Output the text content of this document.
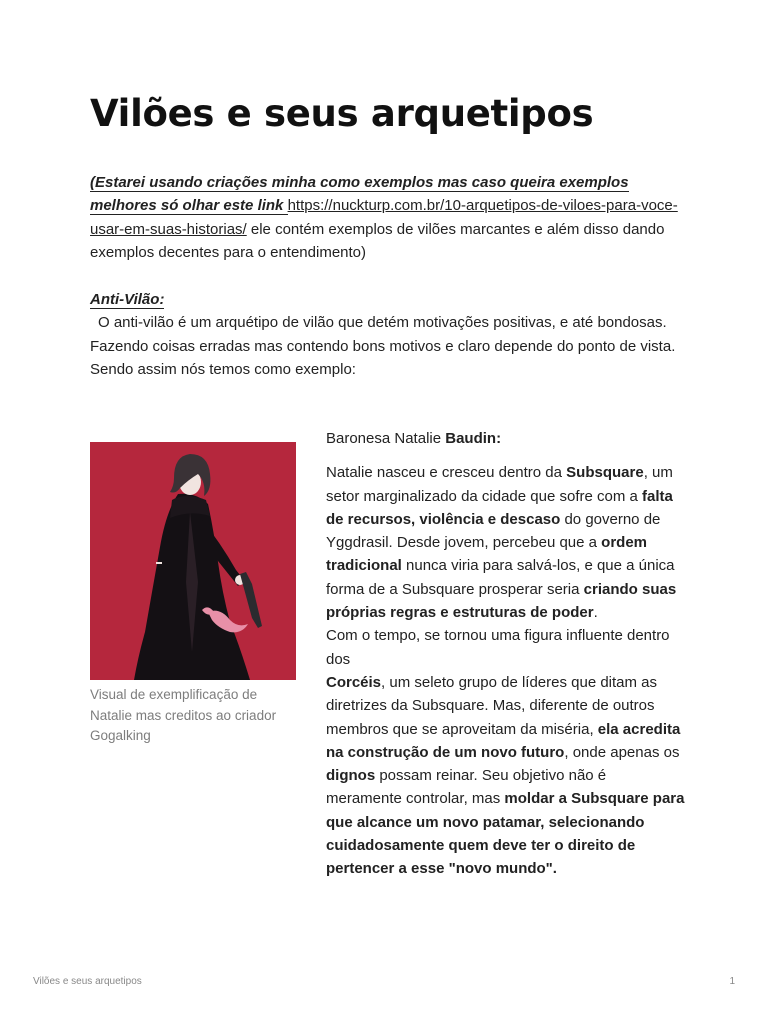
Vilões e seus arquetipos
(Estarei usando criações minha como exemplos mas caso queira exemplos melhores só olhar este link https://nuckturp.com.br/10-arquetipos-de-viloes-para-voce-usar-em-suas-historias/ ele contém exemplos de vilões marcantes e além disso dando exemplos decentes para o entendimento)
Anti-Vilão:
O anti-vilão é um arquétipo de vilão que detém motivações positivas, e até bondosas. Fazendo coisas erradas mas contendo bons motivos e claro depende do ponto de vista. Sendo assim nós temos como exemplo:
Visual de exemplificação de Natalie mas creditos ao criador Gogalking

Baronesa Natalie Baudin:

Natalie nasceu e cresceu dentro da Subsquare, um setor marginalizado da cidade que sofre com a falta de recursos, violência e descaso do governo de Yggdrasil. Desde jovem, percebeu que a ordem tradicional nunca viria para salvá-los, e que a única forma de a Subsquare prosperar seria criando suas próprias regras e estruturas de poder.

Com o tempo, se tornou uma figura influente dentro dos

Corcéis, um seleto grupo de líderes que ditam as diretrizes da Subsquare. Mas, diferente de outros membros que se aproveitam da miséria, ela acredita na construção de um novo futuro, onde apenas os dignos possam reinar. Seu objetivo não é meramente controlar, mas moldar a Subsquare para que alcance um novo patamar, selecionando cuidadosamente quem deve ter o direito de pertencer a esse "novo mundo".

Vilões e seus arquetipos	1
